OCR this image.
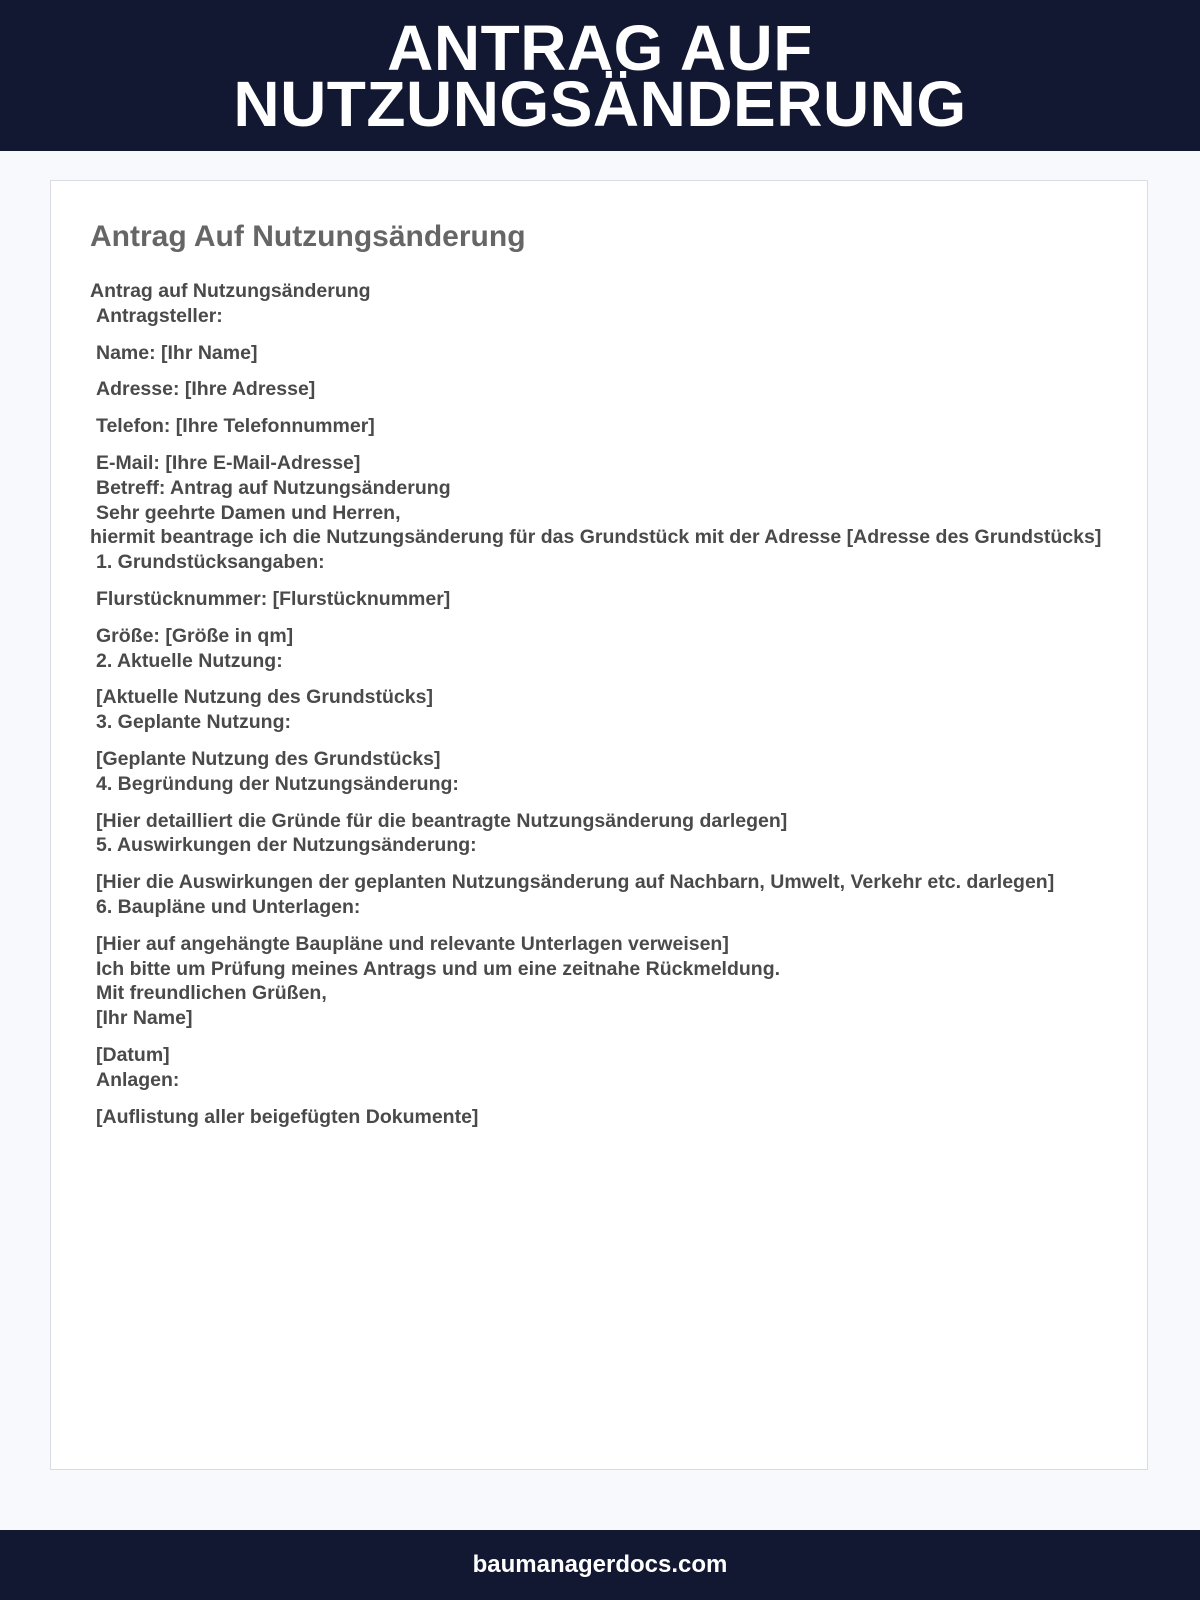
ANTRAG AUF NUTZUNGSÄNDERUNG
Antrag Auf Nutzungsänderung
Antrag auf Nutzungsänderung
Antragsteller:
Name: [Ihr Name]
Adresse: [Ihre Adresse]
Telefon: [Ihre Telefonnummer]
E-Mail: [Ihre E-Mail-Adresse]
Betreff: Antrag auf Nutzungsänderung
Sehr geehrte Damen und Herren,
hiermit beantrage ich die Nutzungsänderung für das Grundstück mit der Adresse [Adresse des Grundstücks]
1. Grundstücksangaben:
Flurstücknummer: [Flurstücknummer]
Größe: [Größe in qm]
2. Aktuelle Nutzung:
[Aktuelle Nutzung des Grundstücks]
3. Geplante Nutzung:
[Geplante Nutzung des Grundstücks]
4. Begründung der Nutzungsänderung:
[Hier detailliert die Gründe für die beantragte Nutzungsänderung darlegen]
5. Auswirkungen der Nutzungsänderung:
[Hier die Auswirkungen der geplanten Nutzungsänderung auf Nachbarn, Umwelt, Verkehr etc. darlegen]
6. Baupläne und Unterlagen:
[Hier auf angehängte Baupläne und relevante Unterlagen verweisen]
Ich bitte um Prüfung meines Antrags und um eine zeitnahe Rückmeldung.
Mit freundlichen Grüßen,
[Ihr Name]
[Datum]
Anlagen:
[Auflistung aller beigefügten Dokumente]
baumanagerdocs.com
